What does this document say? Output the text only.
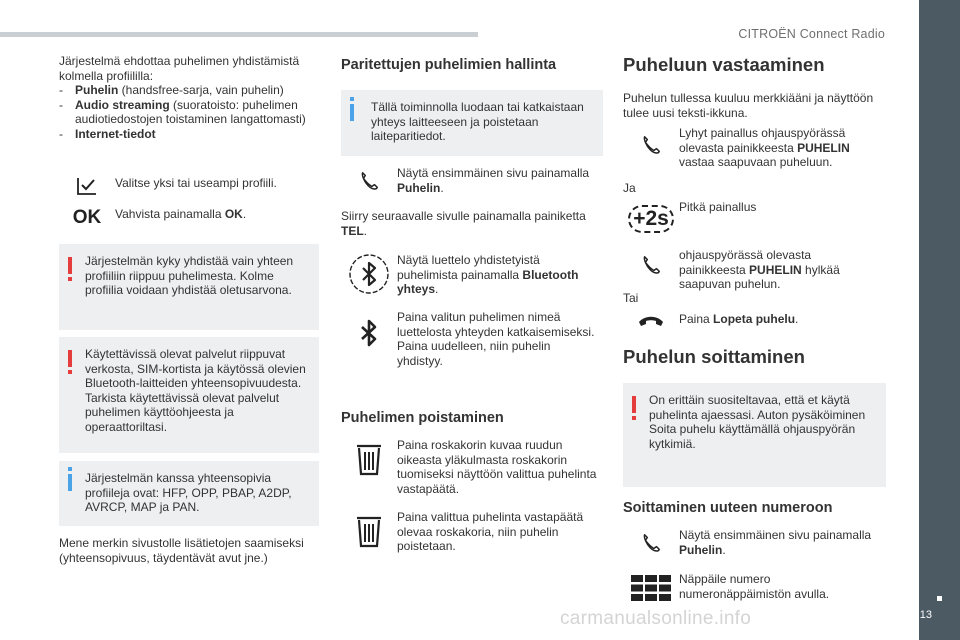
CITROËN Connect Radio
13
carmanualsonline.info

Järjestelmä ehdottaa puhelimen yhdistämistä kolmella profiililla:

- Puhelin (handsfree-sarja, vain puhelin)
- Audio streaming (suoratoisto: puhelimen audiotiedostojen toistaminen langattomasti)
- Internet-tiedot

Valitse yksi tai useampi profiili.

OK Vahvista painamalla OK.

Järjestelmän kyky yhdistää vain yhteen profiiliin riippuu puhelimesta. Kolme profiilia voidaan yhdistää oletusarvona.

Käytettävissä olevat palvelut riippuvat verkosta, SIM-kortista ja käytössä olevien Bluetooth-laitteiden yhteensopivuudesta. Tarkista käytettävissä olevat palvelut puhelimen käyttöohjeesta ja operaattoriltasi.

Järjestelmän kanssa yhteensopivia profiileja ovat: HFP, OPP, PBAP, A2DP, AVRCP, MAP ja PAN.

Mene merkin sivustolle lisätietojen saamiseksi (yhteensopivuus, täydentävät avut jne.)

Paritettujen puhelimien hallinta

Tällä toiminnolla luodaan tai katkaistaan yhteys laitteeseen ja poistetaan laiteparitiedot.

Näytä ensimmäinen sivu painamalla Puhelin.

Siirry seuraavalle sivulle painamalla painiketta TEL.

Näytä luettelo yhdistetyistä puhelimista painamalla Bluetooth yhteys.

Paina valitun puhelimen nimeä luettelosta yhteyden katkaisemiseksi. Paina uudelleen, niin puhelin yhdistyy.

Puhelimen poistaminen

Paina roskakorin kuvaa ruudun oikeasta yläkulmasta roskakorin tuomiseksi näyttöön valittua puhelinta vastapäätä.

Paina valittua puhelinta vastapäätä olevaa roskakoria, niin puhelin poistetaan.

Puheluun vastaaminen

Puhelun tullessa kuuluu merkkiääni ja näyttöön tulee uusi teksti-ikkuna.

Lyhyt painallus ohjauspyörässä olevasta painikkeesta PUHELIN vastaa saapuvaan puheluun.

Ja

+2s Pitkä painallus

ohjauspyörässä olevasta painikkeesta PUHELIN hylkää saapuvan puhelun.

Tai

Paina Lopeta puhelu.

Puhelun soittaminen

On erittäin suositeltavaa, että et käytä puhelinta ajaessasi. Auton pysäköiminen Soita puhelu käyttämällä ohjauspyörän kytkimiä.

Soittaminen uuteen numeroon

Näytä ensimmäinen sivu painamalla Puhelin.

Näppäile numero numeronäppäimistön avulla.
